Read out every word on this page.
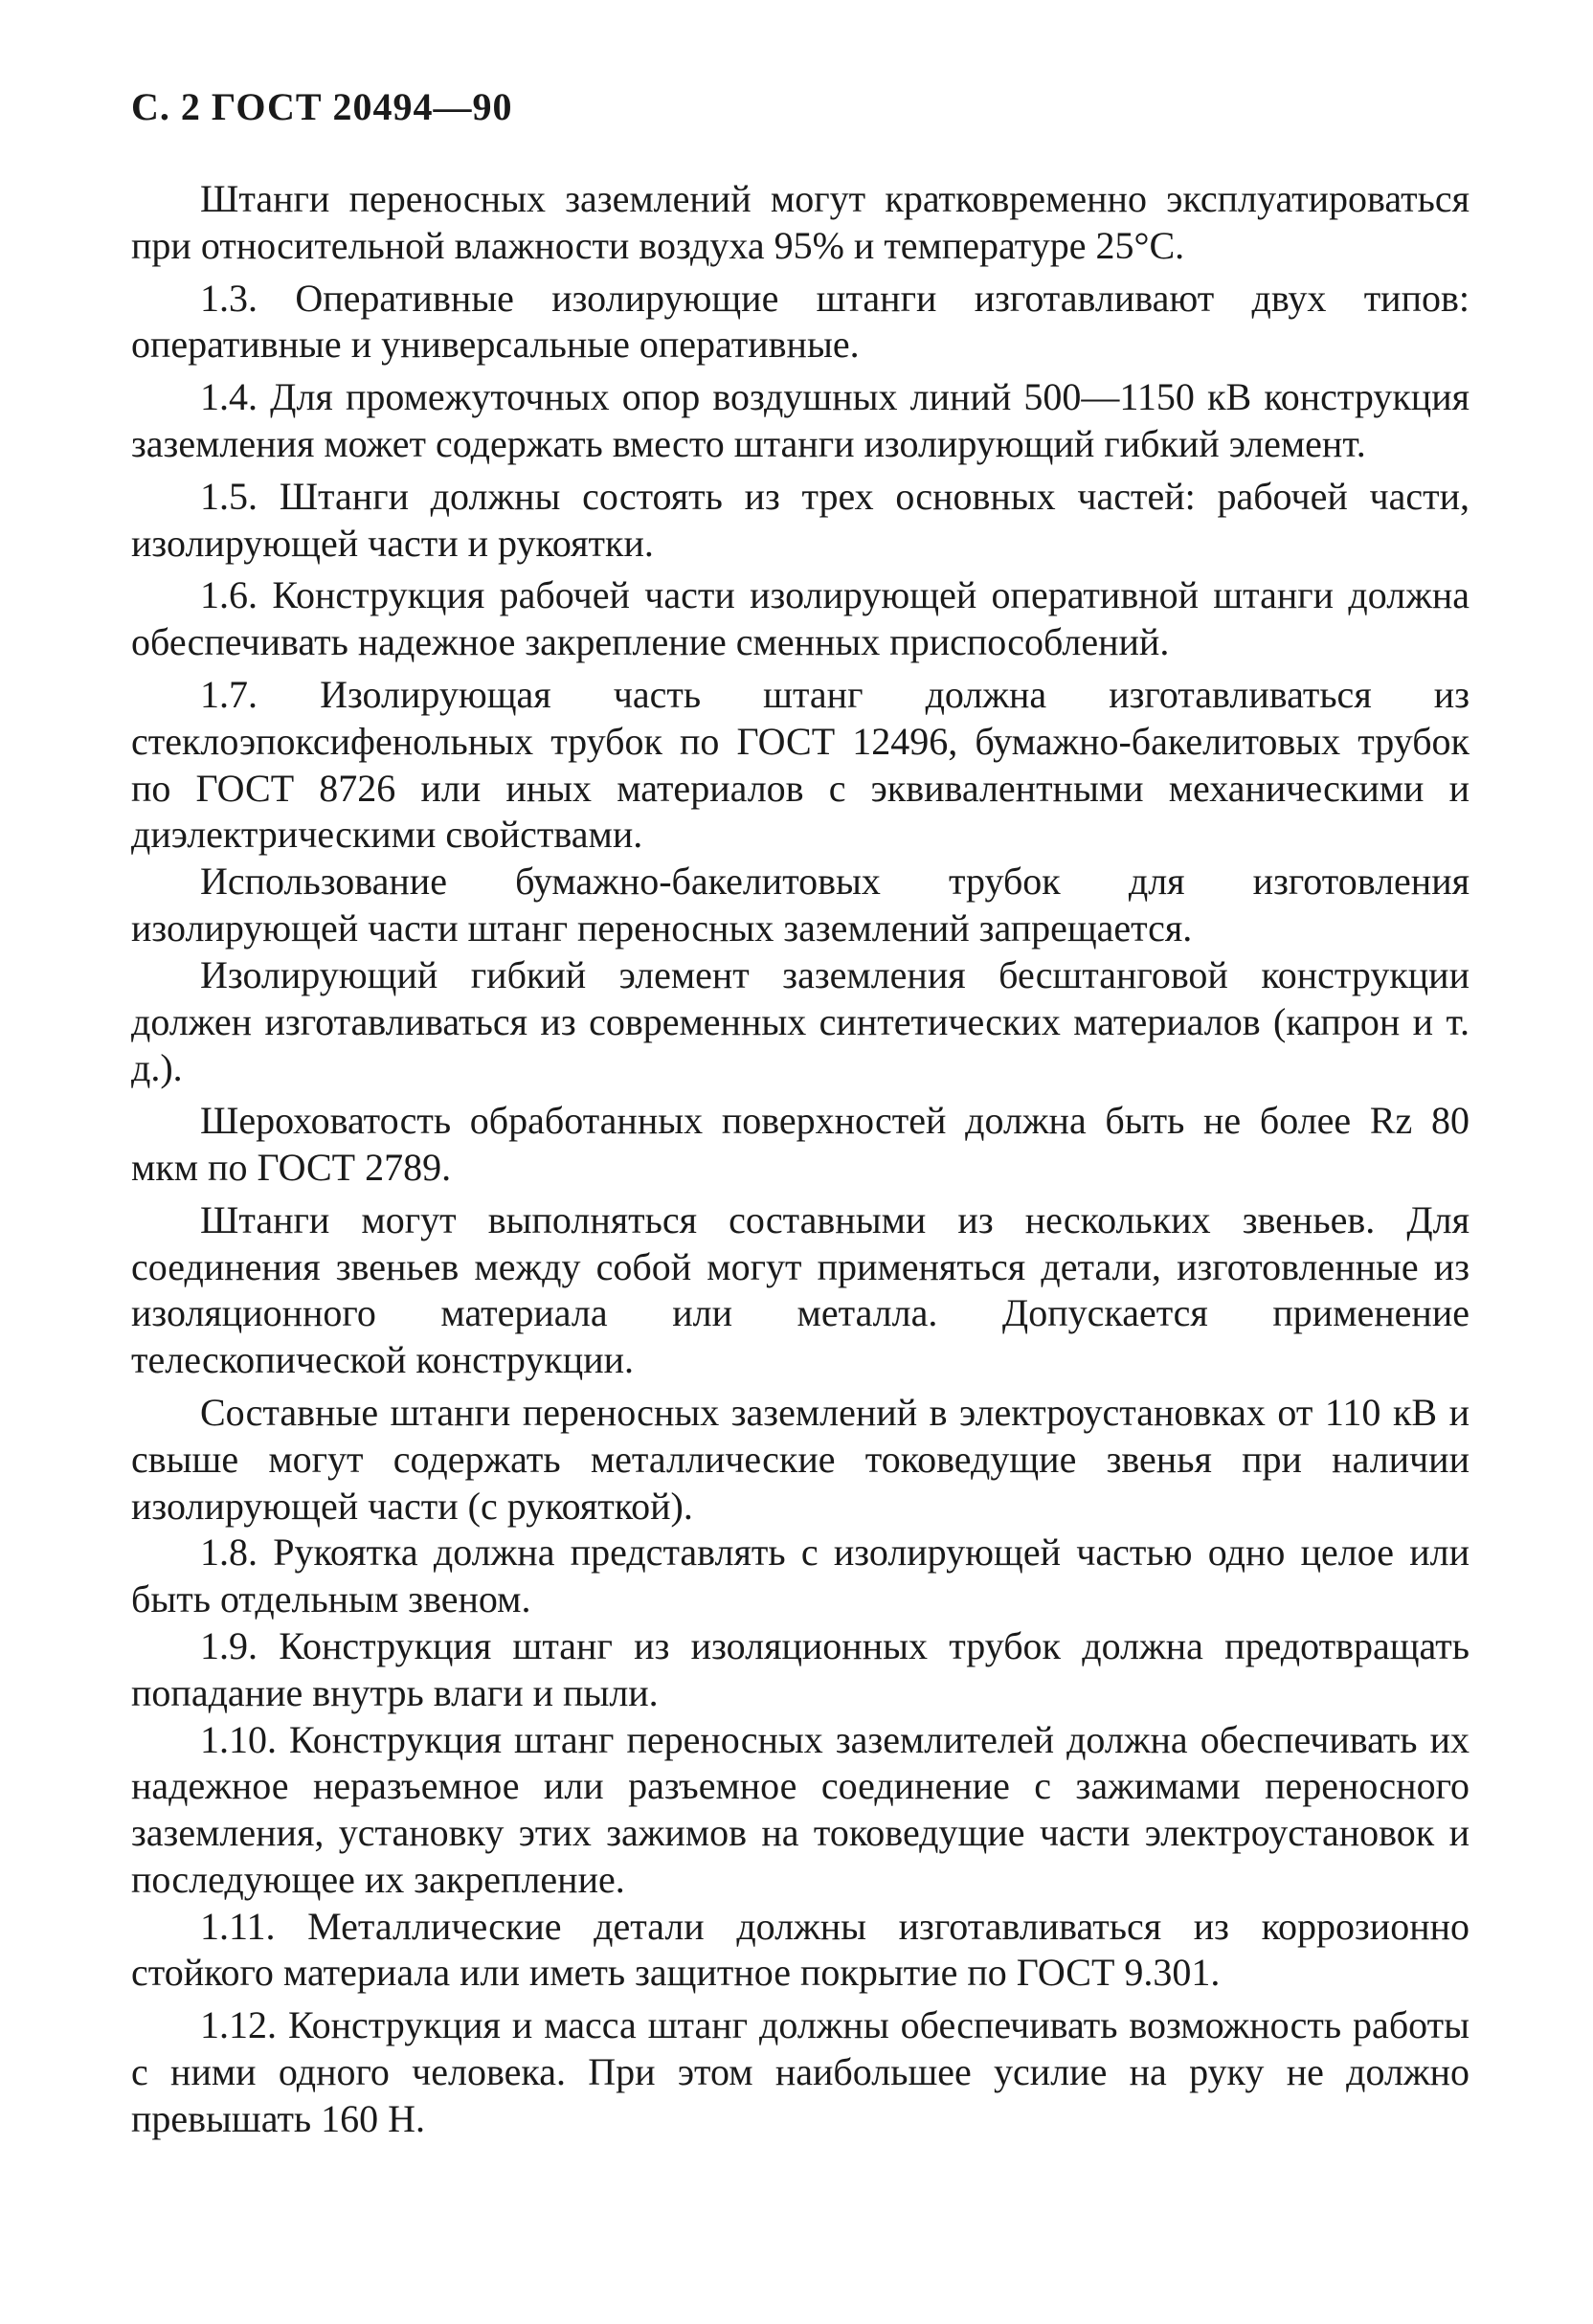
С. 2 ГОСТ 20494—90

Штанги переносных заземлений могут кратковременно эксплуатироваться при относительной влажности воздуха 95% и температуре 25°С.

1.3. Оперативные изолирующие штанги изготавливают двух типов: оперативные и универсальные оперативные.

1.4. Для промежуточных опор воздушных линий 500—1150 кВ конструкция заземления может содержать вместо штанги изолирующий гибкий элемент.

1.5. Штанги должны состоять из трех основных частей: рабочей части, изолирующей части и рукоятки.

1.6. Конструкция рабочей части изолирующей оперативной штанги должна обеспечивать надежное закрепление сменных приспособлений.

1.7. Изолирующая часть штанг должна изготавливаться из стеклоэпоксифенольных трубок по ГОСТ 12496, бумажно-бакелитовых трубок по ГОСТ 8726 или иных материалов с эквивалентными механическими и диэлектрическими свойствами.

Использование бумажно-бакелитовых трубок для изготовления изолирующей части штанг переносных заземлений запрещается.

Изолирующий гибкий элемент заземления бесштанговой конструкции должен изготавливаться из современных синтетических материалов (капрон и т. д.).

Шероховатость обработанных поверхностей должна быть не более Rz 80 мкм по ГОСТ 2789.

Штанги могут выполняться составными из нескольких звеньев. Для соединения звеньев между собой могут применяться детали, изготовленные из изоляционного материала или металла. Допускается применение телескопической конструкции.

Составные штанги переносных заземлений в электроустановках от 110 кВ и свыше могут содержать металлические токоведущие звенья при наличии изолирующей части (с рукояткой).

1.8. Рукоятка должна представлять с изолирующей частью одно целое или быть отдельным звеном.

1.9. Конструкция штанг из изоляционных трубок должна предотвращать попадание внутрь влаги и пыли.

1.10. Конструкция штанг переносных заземлителей должна обеспечивать их надежное неразъемное или разъемное соединение с зажимами переносного заземления, установку этих зажимов на токоведущие части электроустановок и последующее их закрепление.

1.11. Металлические детали должны изготавливаться из коррозионно стойкого материала или иметь защитное покрытие по ГОСТ 9.301.

1.12. Конструкция и масса штанг должны обеспечивать возможность работы с ними одного человека. При этом наибольшее усилие на руку не должно превышать 160 Н.
